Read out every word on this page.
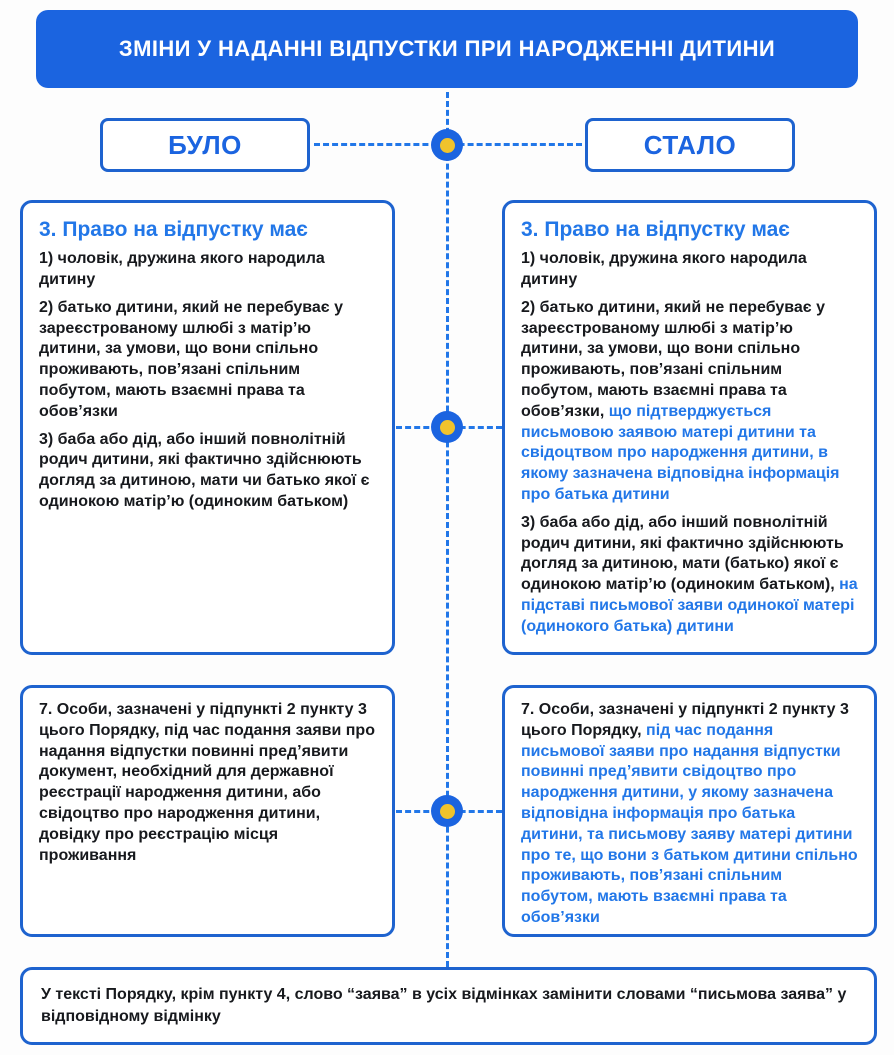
ЗМІНИ У НАДАННІ ВІДПУСТКИ ПРИ НАРОДЖЕННІ ДИТИНИ
БУЛО	СТАЛО
3. Право на відпустку має

1) чоловік, дружина якого народила дитину

2) батько дитини, який не перебуває у зареєстрованому шлюбі з матір’ю дитини, за умови, що вони спільно проживають, пов’язані спільним побутом, мають взаємні права та обов’язки

3) баба або дід, або інший повнолітній родич дитини, які фактично здійснюють догляд за дитиною, мати чи батько якої є одинокою матір’ю (одиноким батьком)

3. Право на відпустку має

1) чоловік, дружина якого народила дитину

2) батько дитини, який не перебуває у зареєстрованому шлюбі з матір’ю дитини, за умови, що вони спільно проживають, пов’язані спільним побутом, мають взаємні права та обов’язки, що підтверджується письмовою заявою матері дитини та свідоцтвом про народження дитини, в якому зазначена відповідна інформація про батька дитини

3) баба або дід, або інший повнолітній родич дитини, які фактично здійснюють догляд за дитиною, мати (батько) якої є одинокою матір’ю (одиноким батьком), на підставі письмової заяви одинокої матері (одинокого батька) дитини

7. Особи, зазначені у підпункті 2 пункту 3 цього Порядку, під час подання заяви про надання відпустки повинні пред’явити документ, необхідний для державної реєстрації народження дитини, або свідоцтво про народження дитини, довідку про реєстрацію місця проживання

7. Особи, зазначені у підпункті 2 пункту 3 цього Порядку, під час подання письмової заяви про надання відпустки повинні пред’явити свідоцтво про народження дитини, у якому зазначена відповідна інформація про батька дитини, та письмову заяву матері дитини про те, що вони з батьком дитини спільно проживають, пов’язані спільним побутом, мають взаємні права та обов’язки

У тексті Порядку, крім пункту 4, слово “заява” в усіх відмінках замінити словами “письмова заява” у відповідному відмінку
